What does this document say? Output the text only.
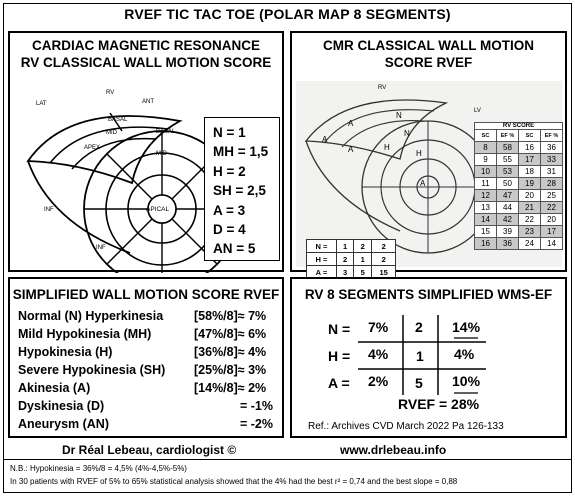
RVEF TIC TAC TOE (POLAR MAP 8 SEGMENTS)
CARDIAC MAGNETIC RESONANCE
RV CLASSICAL WALL MOTION SCORE
LAT
RV
ANT
BASAL
MID
APEX
BASAL
MID
APICAL
INF
INF
N = 1
MH = 1,5
H = 2
SH = 2,5
A = 3
D = 4
AN = 5
CMR CLASSICAL WALL MOTION
SCORE RVEF
RV
LV
A
A
A
N
N
H
H
A
RV SCORE
SC	EF %	SC	EF %
8	58	16	36
9	55	17	33
10	53	18	31
11	50	19	28
12	47	20	25
13	44	21	22
14	42	22	20
15	39	23	17
16	36	24	14
N =	1	2	2
H =	2	1	2
A =	3	5	15

SIMPLIFIED WALL MOTION SCORE RVEF
Normal (N) Hyperkinesia [58%/8]≈ 7%
Mild Hypokinesia (MH)	[47%/8]≈ 6%
Hypokinesia (H)	[36%/8]≈ 4%
Severe Hypokinesia (SH) [25%/8]≈ 3%
Akinesia (A)	[14%/8]≈ 2%
Dyskinesia (D)	= -1%
Aneurysm (AN)	= -2%
RV 8 SEGMENTS SIMPLIFIED WMS-EF
N = 7% 2 14%
H = 4% 1 4%
A = 2% 5 10%
RVEF = 28%
Ref.: Archives CVD March 2022 Pa 126-133
Dr Réal Lebeau, cardiologist ©	www.drlebeau.info
N.B.: Hypokinesia = 36%/8 = 4,5% (4%-4,5%-5%)
In 30 patients with RVEF of 5% to 65% statistical analysis showed that the 4% had the best r² = 0,74 and the best slope = 0,88
